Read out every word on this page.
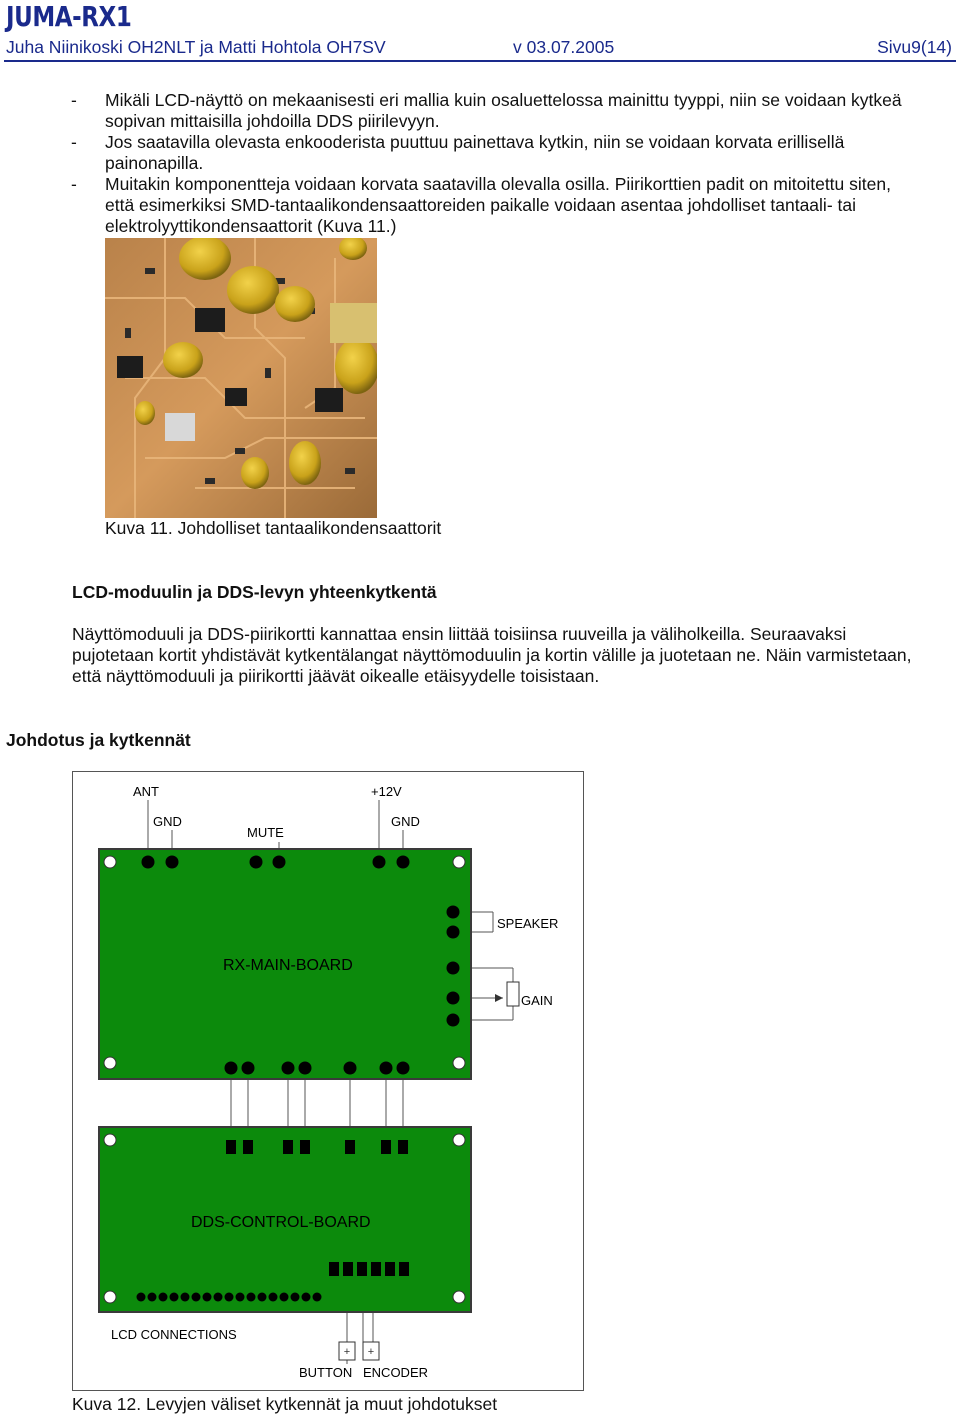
JUMA-RX1
Juha Niinikoski OH2NLT ja Matti Hohtola OH7SV	v 03.07.2005	Sivu9(14)
- Mikäli LCD-näyttö on mekaanisesti eri mallia kuin osaluettelossa mainittu tyyppi, niin se voidaan kytkeä
sopivan mittaisilla johdoilla DDS piirilevyyn.
- Jos saatavilla olevasta enkooderista puuttuu painettava kytkin, niin se voidaan korvata erillisellä
painonapilla.
- Muitakin komponentteja voidaan korvata saatavilla olevalla osilla. Piirikorttien padit on mitoitettu siten,
että esimerkiksi SMD-tantaalikondensaattoreiden paikalle voidaan asentaa johdolliset tantaali- tai
elektrolyyttikondensaattorit (Kuva 11.)
Kuva 11. Johdolliset tantaalikondensaattorit
LCD-moduulin ja DDS-levyn yhteenkytkentä
Näyttömoduuli ja DDS-piirikortti kannattaa ensin liittää toisiinsa ruuveilla ja väliholkeilla. Seuraavaksi
pujotetaan kortit yhdistävät kytkentälangat näyttömoduulin ja kortin välille ja juotetaan ne. Näin varmistetaan,
että näyttömoduuli ja piirikortti jäävät oikealle etäisyydelle toisistaan.
Johdotus ja kytkennät
+ +
ANT
GND
MUTE
+12V
GND
SPEAKER
GAIN
RX-MAIN-BOARD
DDS-CONTROL-BOARD
LCD CONNECTIONS
BUTTON ENCODER
Kuva 12. Levyjen väliset kytkennät ja muut johdotukset
